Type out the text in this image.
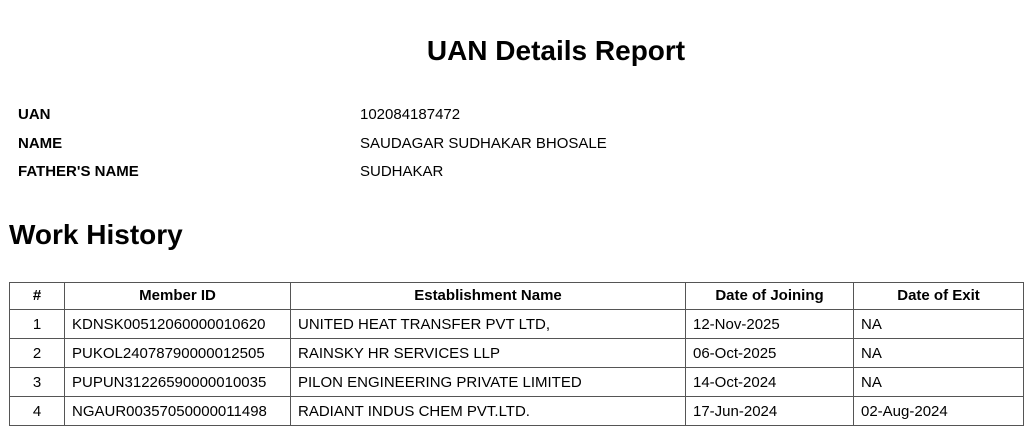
UAN Details Report
UAN	102084187472
NAME	SAUDAGAR SUDHAKAR BHOSALE
FATHER'S NAME	SUDHAKAR
Work History
#	Member ID	Establishment Name	Date of Joining	Date of Exit
1	KDNSK00512060000010620	UNITED HEAT TRANSFER PVT LTD,	12-Nov-2025	NA
2	PUKOL24078790000012505	RAINSKY HR SERVICES LLP	06-Oct-2025	NA
3	PUPUN31226590000010035	PILON ENGINEERING PRIVATE LIMITED	14-Oct-2024	NA
4	NGAUR00357050000011498	RADIANT INDUS CHEM PVT.LTD.	17-Jun-2024	02-Aug-2024
